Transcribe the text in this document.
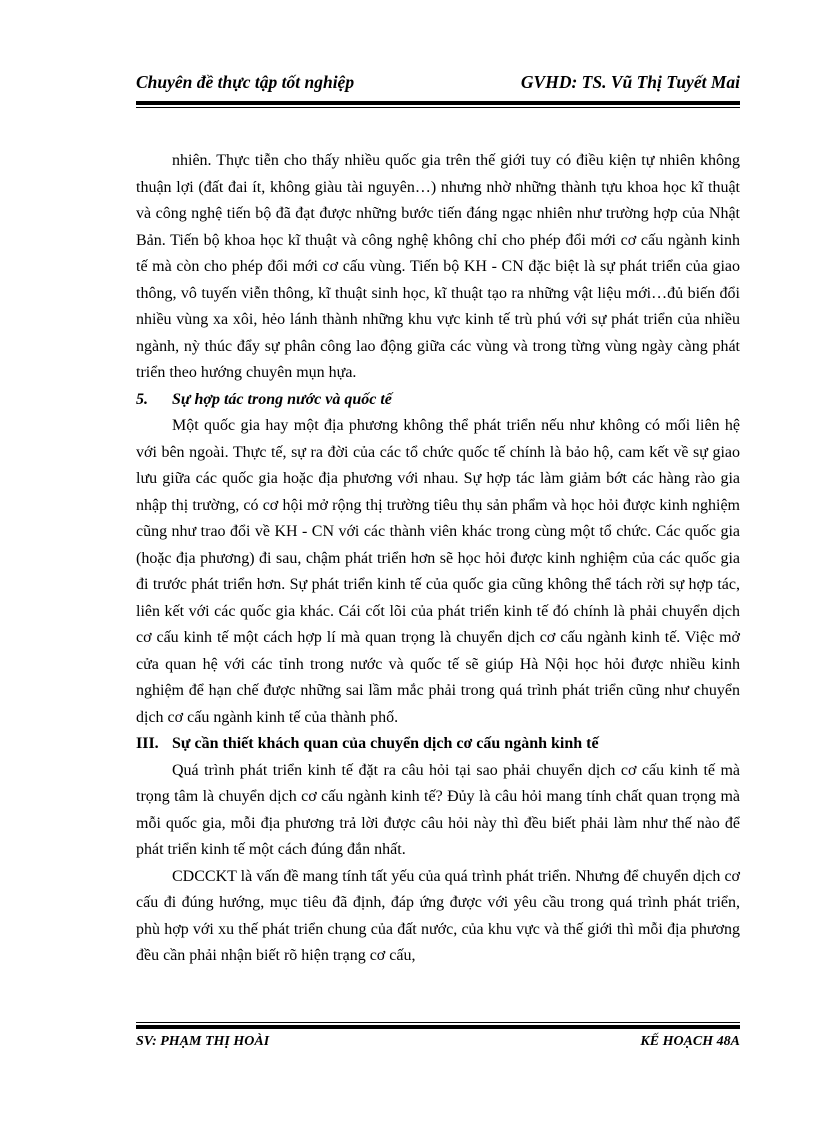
Chuyên đề thực tập tốt nghiệp	GVHD: TS. Vũ Thị Tuyết Mai

nhiên. Thực tiễn cho thấy nhiều quốc gia trên thế giới tuy có điều kiện tự nhiên không thuận lợi (đất đai ít, không giàu tài nguyên…) nhưng nhờ những thành tựu khoa học kĩ thuật và công nghệ tiến bộ đã đạt được những bước tiến đáng ngạc nhiên như trường hợp của Nhật Bản. Tiến bộ khoa học kĩ thuật và công nghệ không chỉ cho phép đổi mới cơ cấu ngành kinh tế mà còn cho phép đổi mới cơ cấu vùng. Tiến bộ KH - CN đặc biệt là sự phát triển của giao thông, vô tuyến viễn thông, kĩ thuật sinh học, kĩ thuật tạo ra những vật liệu mới…đủ biến đổi nhiều vùng xa xôi, hẻo lánh thành những khu vực kinh tế trù phú với sự phát triển của nhiều ngành, nỳ thúc đẩy sự phân công lao động giữa các vùng và trong từng vùng ngày càng phát triển theo hướng chuyên mụn hựa.

5. Sự hợp tác trong nước và quốc tế

Một quốc gia hay một địa phương không thể phát triển nếu như không có mối liên hệ với bên ngoài. Thực tế, sự ra đời của các tổ chức quốc tế chính là bảo hộ, cam kết về sự giao lưu giữa các quốc gia hoặc địa phương với nhau. Sự hợp tác làm giảm bớt các hàng rào gia nhập thị trường, có cơ hội mở rộng thị trường tiêu thụ sản phẩm và học hỏi được kinh nghiệm cũng như trao đổi về KH - CN với các thành viên khác trong cùng một tổ chức. Các quốc gia (hoặc địa phương) đi sau, chậm phát triển hơn sẽ học hỏi được kinh nghiệm của các quốc gia đi trước phát triển hơn. Sự phát triển kinh tế của quốc gia cũng không thể tách rời sự hợp tác, liên kết với các quốc gia khác. Cái cốt lõi của phát triển kinh tế đó chính là phải chuyển dịch cơ cấu kinh tế một cách hợp lí mà quan trọng là chuyển dịch cơ cấu ngành kinh tế. Việc mở cửa quan hệ với các tỉnh trong nước và quốc tế sẽ giúp Hà Nội học hỏi được nhiều kinh nghiệm để hạn chế được những sai lầm mắc phải trong quá trình phát triển cũng như chuyển dịch cơ cấu ngành kinh tế của thành phố.

III. Sự cần thiết khách quan của chuyển dịch cơ cấu ngành kinh tế

Quá trình phát triển kinh tế đặt ra câu hỏi tại sao phải chuyển dịch cơ cấu kinh tế mà trọng tâm là chuyển dịch cơ cấu ngành kinh tế? Đủy là câu hỏi mang tính chất quan trọng mà mỗi quốc gia, mỗi địa phương trả lời được câu hỏi này thì đều biết phải làm như thế nào để phát triển kinh tế một cách đúng đắn nhất.

CDCCKT là vấn đề mang tính tất yếu của quá trình phát triển. Nhưng để chuyển dịch cơ cấu đi đúng hướng, mục tiêu đã định, đáp ứng được với yêu cầu trong quá trình phát triển, phù hợp với xu thế phát triển chung của đất nước, của khu vực và thế giới thì mỗi địa phương đều cần phải nhận biết rõ hiện trạng cơ cấu,

SV: PHẠM THỊ HOÀI	KẾ HOẠCH 48A
